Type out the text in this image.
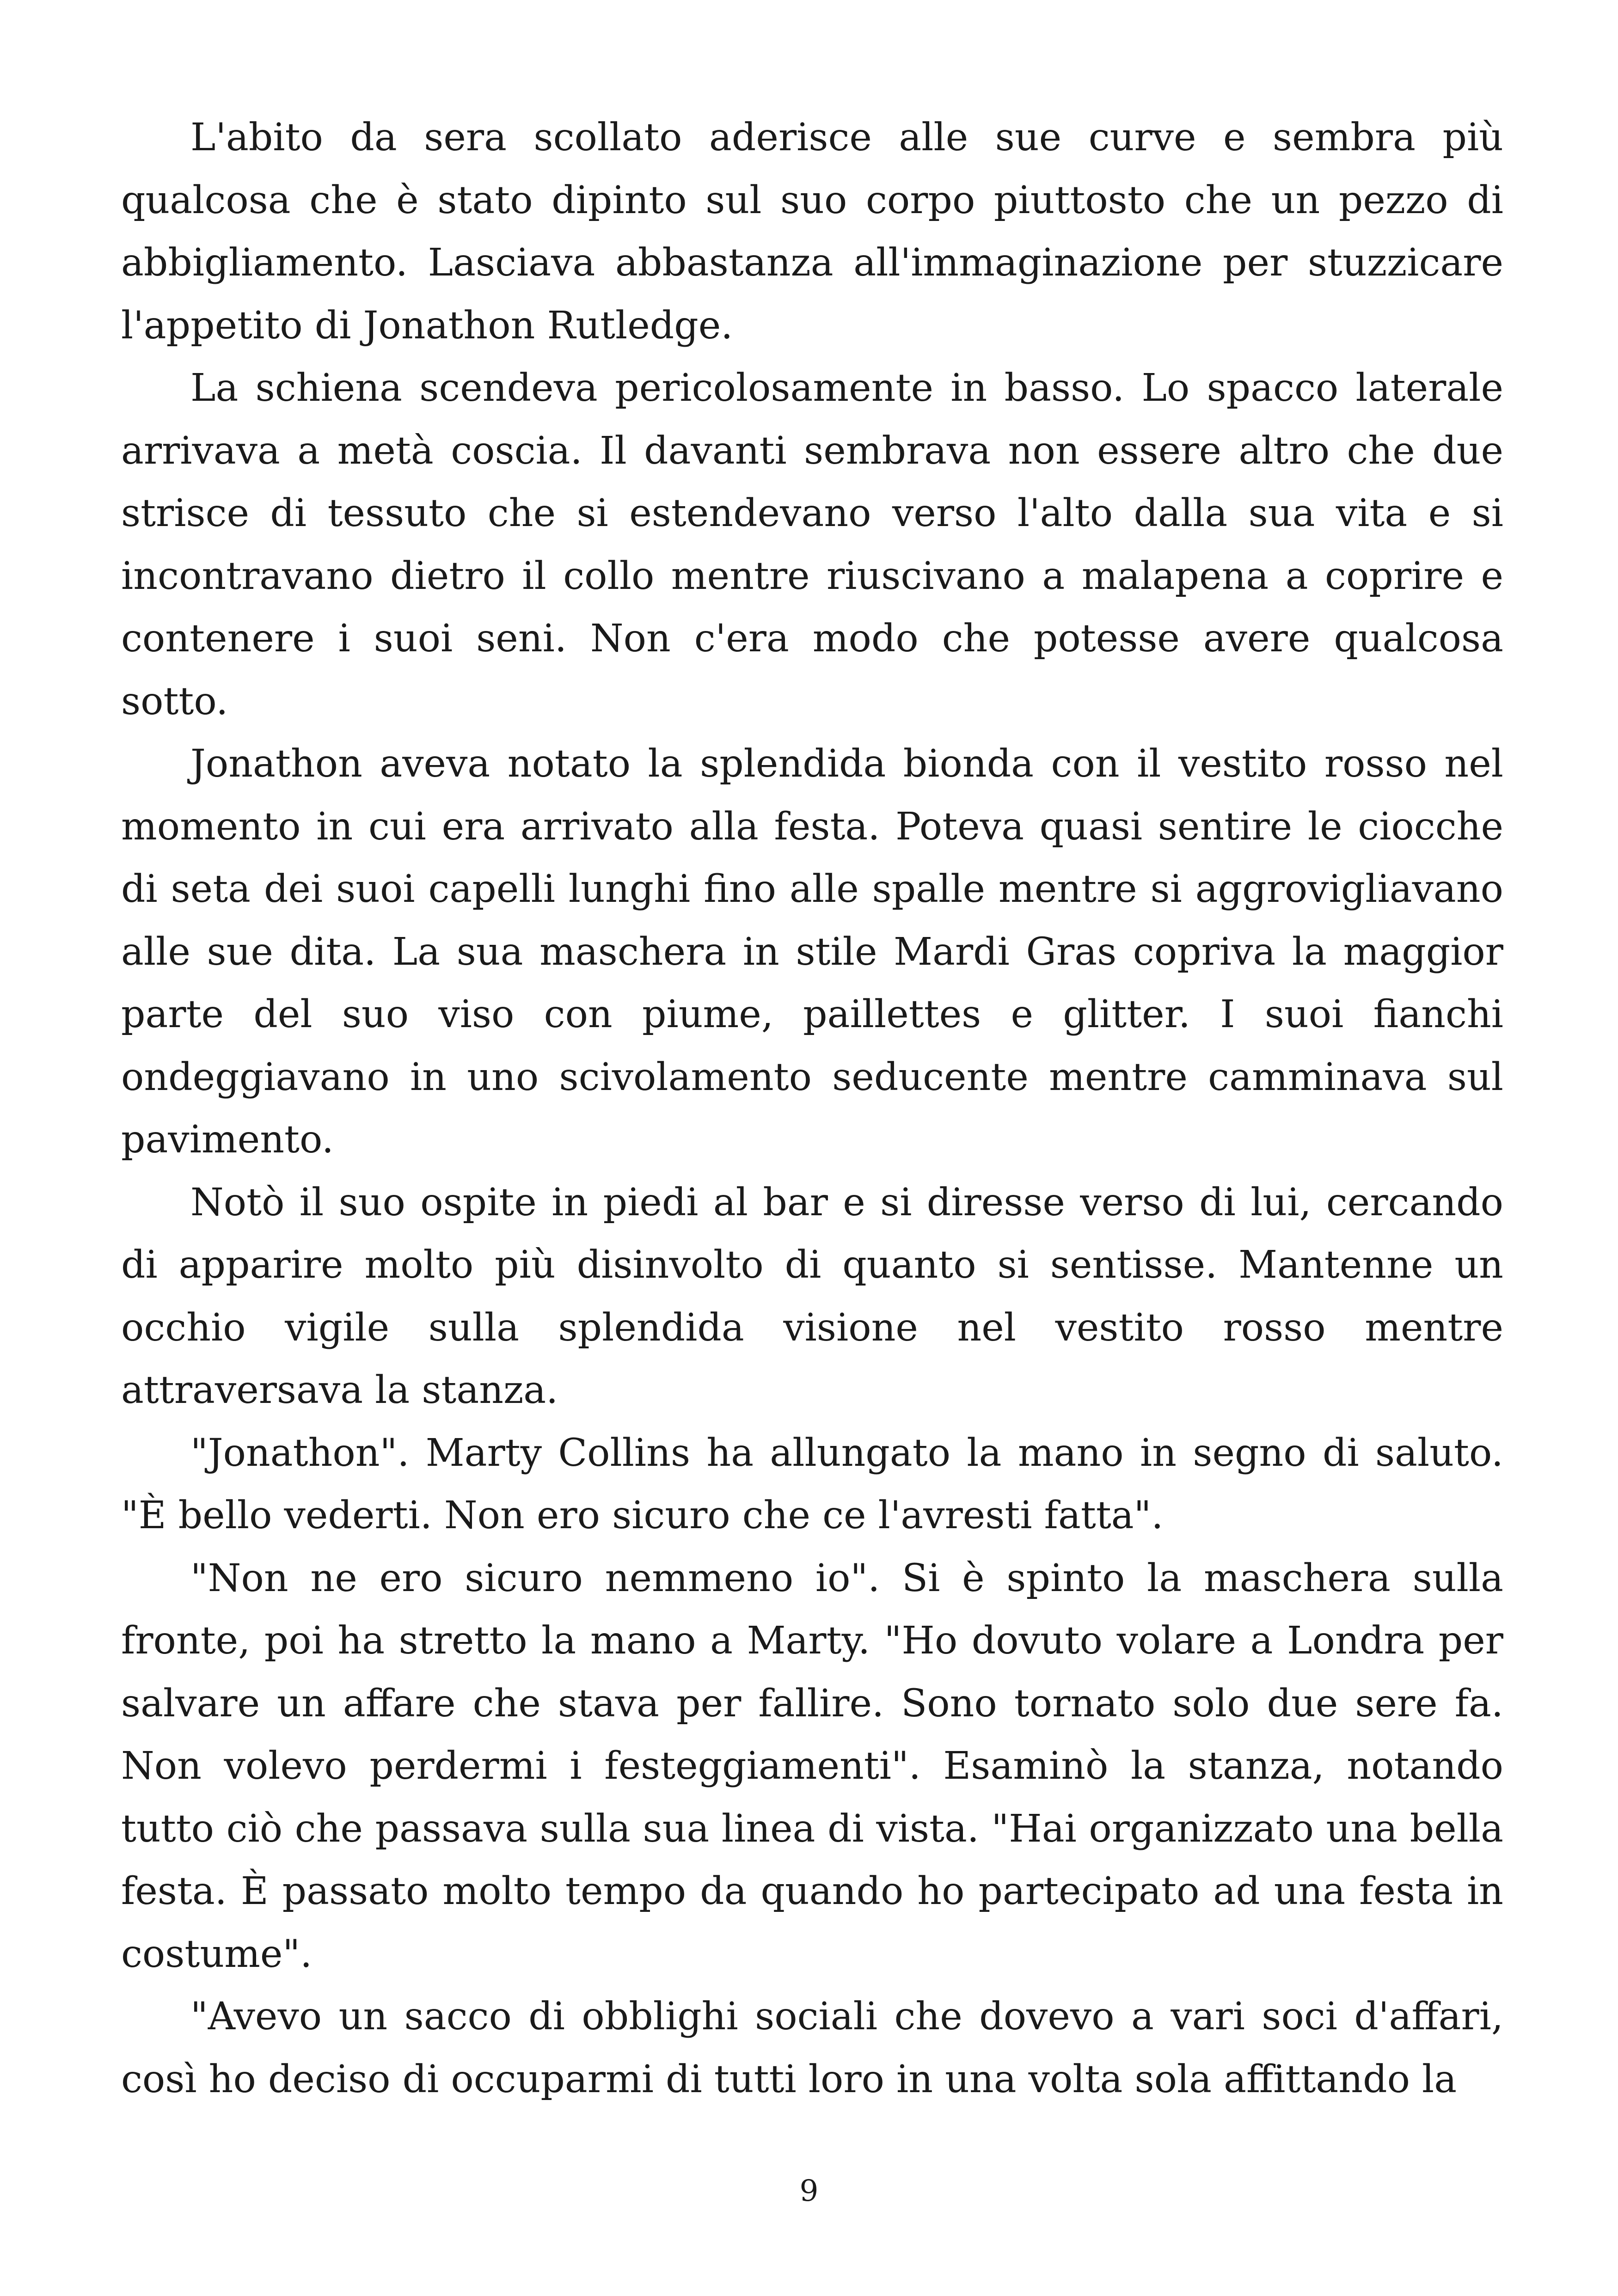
L'abito da sera scollato aderisce alle sue curve e sembra più qualcosa che è stato dipinto sul suo corpo piuttosto che un pezzo di abbigliamento. Lasciava abbastanza all'immaginazione per stuzzicare l'appetito di Jonathon Rutledge.

La schiena scendeva pericolosamente in basso. Lo spacco laterale arrivava a metà coscia. Il davanti sembrava non essere altro che due strisce di tessuto che si estendevano verso l'alto dalla sua vita e si incontravano dietro il collo mentre riuscivano a malapena a coprire e contenere i suoi seni. Non c'era modo che potesse avere qualcosa sotto.

Jonathon aveva notato la splendida bionda con il vestito rosso nel momento in cui era arrivato alla festa. Poteva quasi sentire le ciocche di seta dei suoi capelli lunghi fino alle spalle mentre si aggrovigliavano alle sue dita. La sua maschera in stile Mardi Gras copriva la maggior parte del suo viso con piume, paillettes e glitter. I suoi fianchi ondeggiavano in uno scivolamento seducente mentre camminava sul pavimento.

Notò il suo ospite in piedi al bar e si diresse verso di lui, cercando di apparire molto più disinvolto di quanto si sentisse. Mantenne un occhio vigile sulla splendida visione nel vestito rosso mentre attraversava la stanza.

"Jonathon". Marty Collins ha allungato la mano in segno di saluto. "È bello vederti. Non ero sicuro che ce l'avresti fatta".

"Non ne ero sicuro nemmeno io". Si è spinto la maschera sulla fronte, poi ha stretto la mano a Marty. "Ho dovuto volare a Londra per salvare un affare che stava per fallire. Sono tornato solo due sere fa. Non volevo perdermi i festeggiamenti". Esaminò la stanza, notando tutto ciò che passava sulla sua linea di vista. "Hai organizzato una bella festa. È passato molto tempo da quando ho partecipato ad una festa in costume".

"Avevo un sacco di obblighi sociali che dovevo a vari soci d'affari, così ho deciso di occuparmi di tutti loro in una volta sola affittando la

9
